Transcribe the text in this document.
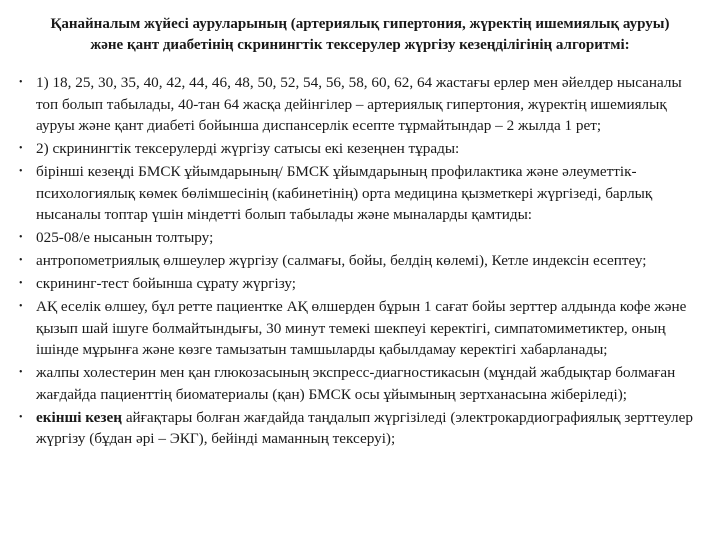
Қанайналым жүйесі ауруларының (артериялық гипертония, жүректің ишемиялық ауруы) және қант диабетінің скринингтік тексерулер жүргізу кезеңділігінің алгоритмі:
• 1) 18, 25, 30, 35, 40, 42, 44, 46, 48, 50, 52, 54, 56, 58, 60, 62, 64 жастағы ерлер мен әйелдер нысаналы топ болып табылады, 40-тан 64 жасқа дейінгілер – артериялық гипертония, жүректің ишемиялық ауруы және қант диабеті бойынша диспансерлік есепте тұрмайтындар – 2 жылда 1 рет;
• 2) скринингтік тексерулерді жүргізу сатысы екі кезеңнен тұрады:
• бірінші кезеңді БМСК ұйымдарының/ БМСК ұйымдарының профилактика және әлеуметтік-психологиялық көмек бөлімшесінің (кабинетінің) орта медицина қызметкері жүргізеді, барлық нысаналы топтар үшін міндетті болып табылады және мыналарды қамтиды:
• 025-08/е нысанын толтыру;
• антропометриялық өлшеулер жүргізу (салмағы, бойы, белдің көлемі), Кетле индексін есептеу;
• скрининг-тест бойынша сұрату жүргізу;
• АҚ еселік өлшеу, бұл ретте пациентке АҚ өлшерден бұрын 1 сағат бойы зерттер алдында кофе және қызып шай ішуге болмайтындығы, 30 минут темекі шекпеуі керектігі, симпатомиметиктер, оның ішінде мұрынға және көзге тамызатын тамшыларды қабылдамау керектігі хабарланады;
• жалпы холестерин мен қан глюкозасының экспресс-диагностикасын (мұндай жабдықтар болмаған жағдайда пациенттің биоматериалы (қан) БМСК осы ұйымының зертханасына жіберіледі);
• екінші кезең айғақтары болған жағдайда таңдалып жүргізіледі (электрокардиографиялық зерттеулер жүргізу (бұдан әрі – ЭКГ), бейінді маманның тексеруі);
